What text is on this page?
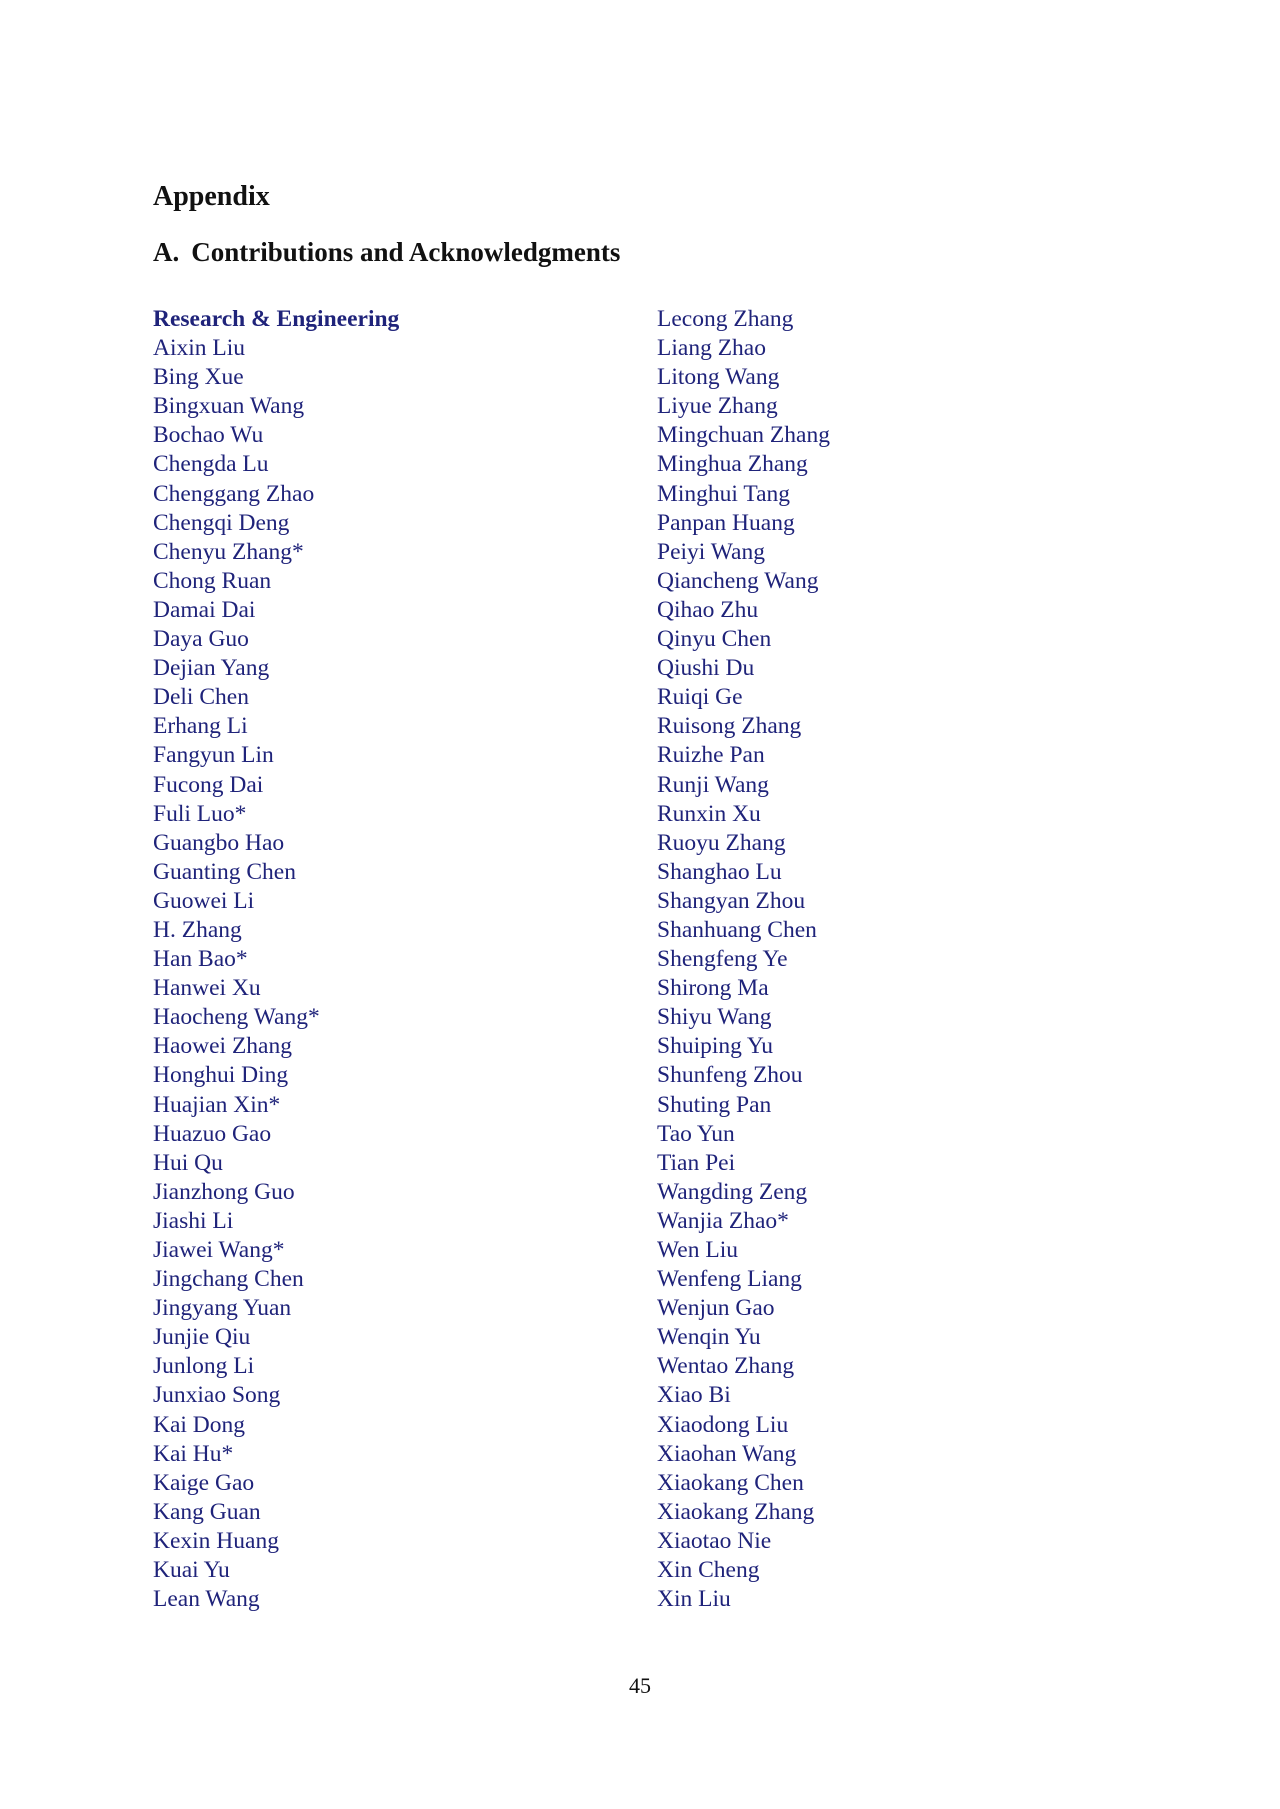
Appendix
A. Contributions and Acknowledgments
Research & Engineering
Aixin Liu
Bing Xue
Bingxuan Wang
Bochao Wu
Chengda Lu
Chenggang Zhao
Chengqi Deng
Chenyu Zhang*
Chong Ruan
Damai Dai
Daya Guo
Dejian Yang
Deli Chen
Erhang Li
Fangyun Lin
Fucong Dai
Fuli Luo*
Guangbo Hao
Guanting Chen
Guowei Li
H. Zhang
Han Bao*
Hanwei Xu
Haocheng Wang*
Haowei Zhang
Honghui Ding
Huajian Xin*
Huazuo Gao
Hui Qu
Jianzhong Guo
Jiashi Li
Jiawei Wang*
Jingchang Chen
Jingyang Yuan
Junjie Qiu
Junlong Li
Junxiao Song
Kai Dong
Kai Hu*
Kaige Gao
Kang Guan
Kexin Huang
Kuai Yu
Lean Wang
Lecong Zhang
Liang Zhao
Litong Wang
Liyue Zhang
Mingchuan Zhang
Minghua Zhang
Minghui Tang
Panpan Huang
Peiyi Wang
Qiancheng Wang
Qihao Zhu
Qinyu Chen
Qiushi Du
Ruiqi Ge
Ruisong Zhang
Ruizhe Pan
Runji Wang
Runxin Xu
Ruoyu Zhang
Shanghao Lu
Shangyan Zhou
Shanhuang Chen
Shengfeng Ye
Shirong Ma
Shiyu Wang
Shuiping Yu
Shunfeng Zhou
Shuting Pan
Tao Yun
Tian Pei
Wangding Zeng
Wanjia Zhao*
Wen Liu
Wenfeng Liang
Wenjun Gao
Wenqin Yu
Wentao Zhang
Xiao Bi
Xiaodong Liu
Xiaohan Wang
Xiaokang Chen
Xiaokang Zhang
Xiaotao Nie
Xin Cheng
Xin Liu
45
